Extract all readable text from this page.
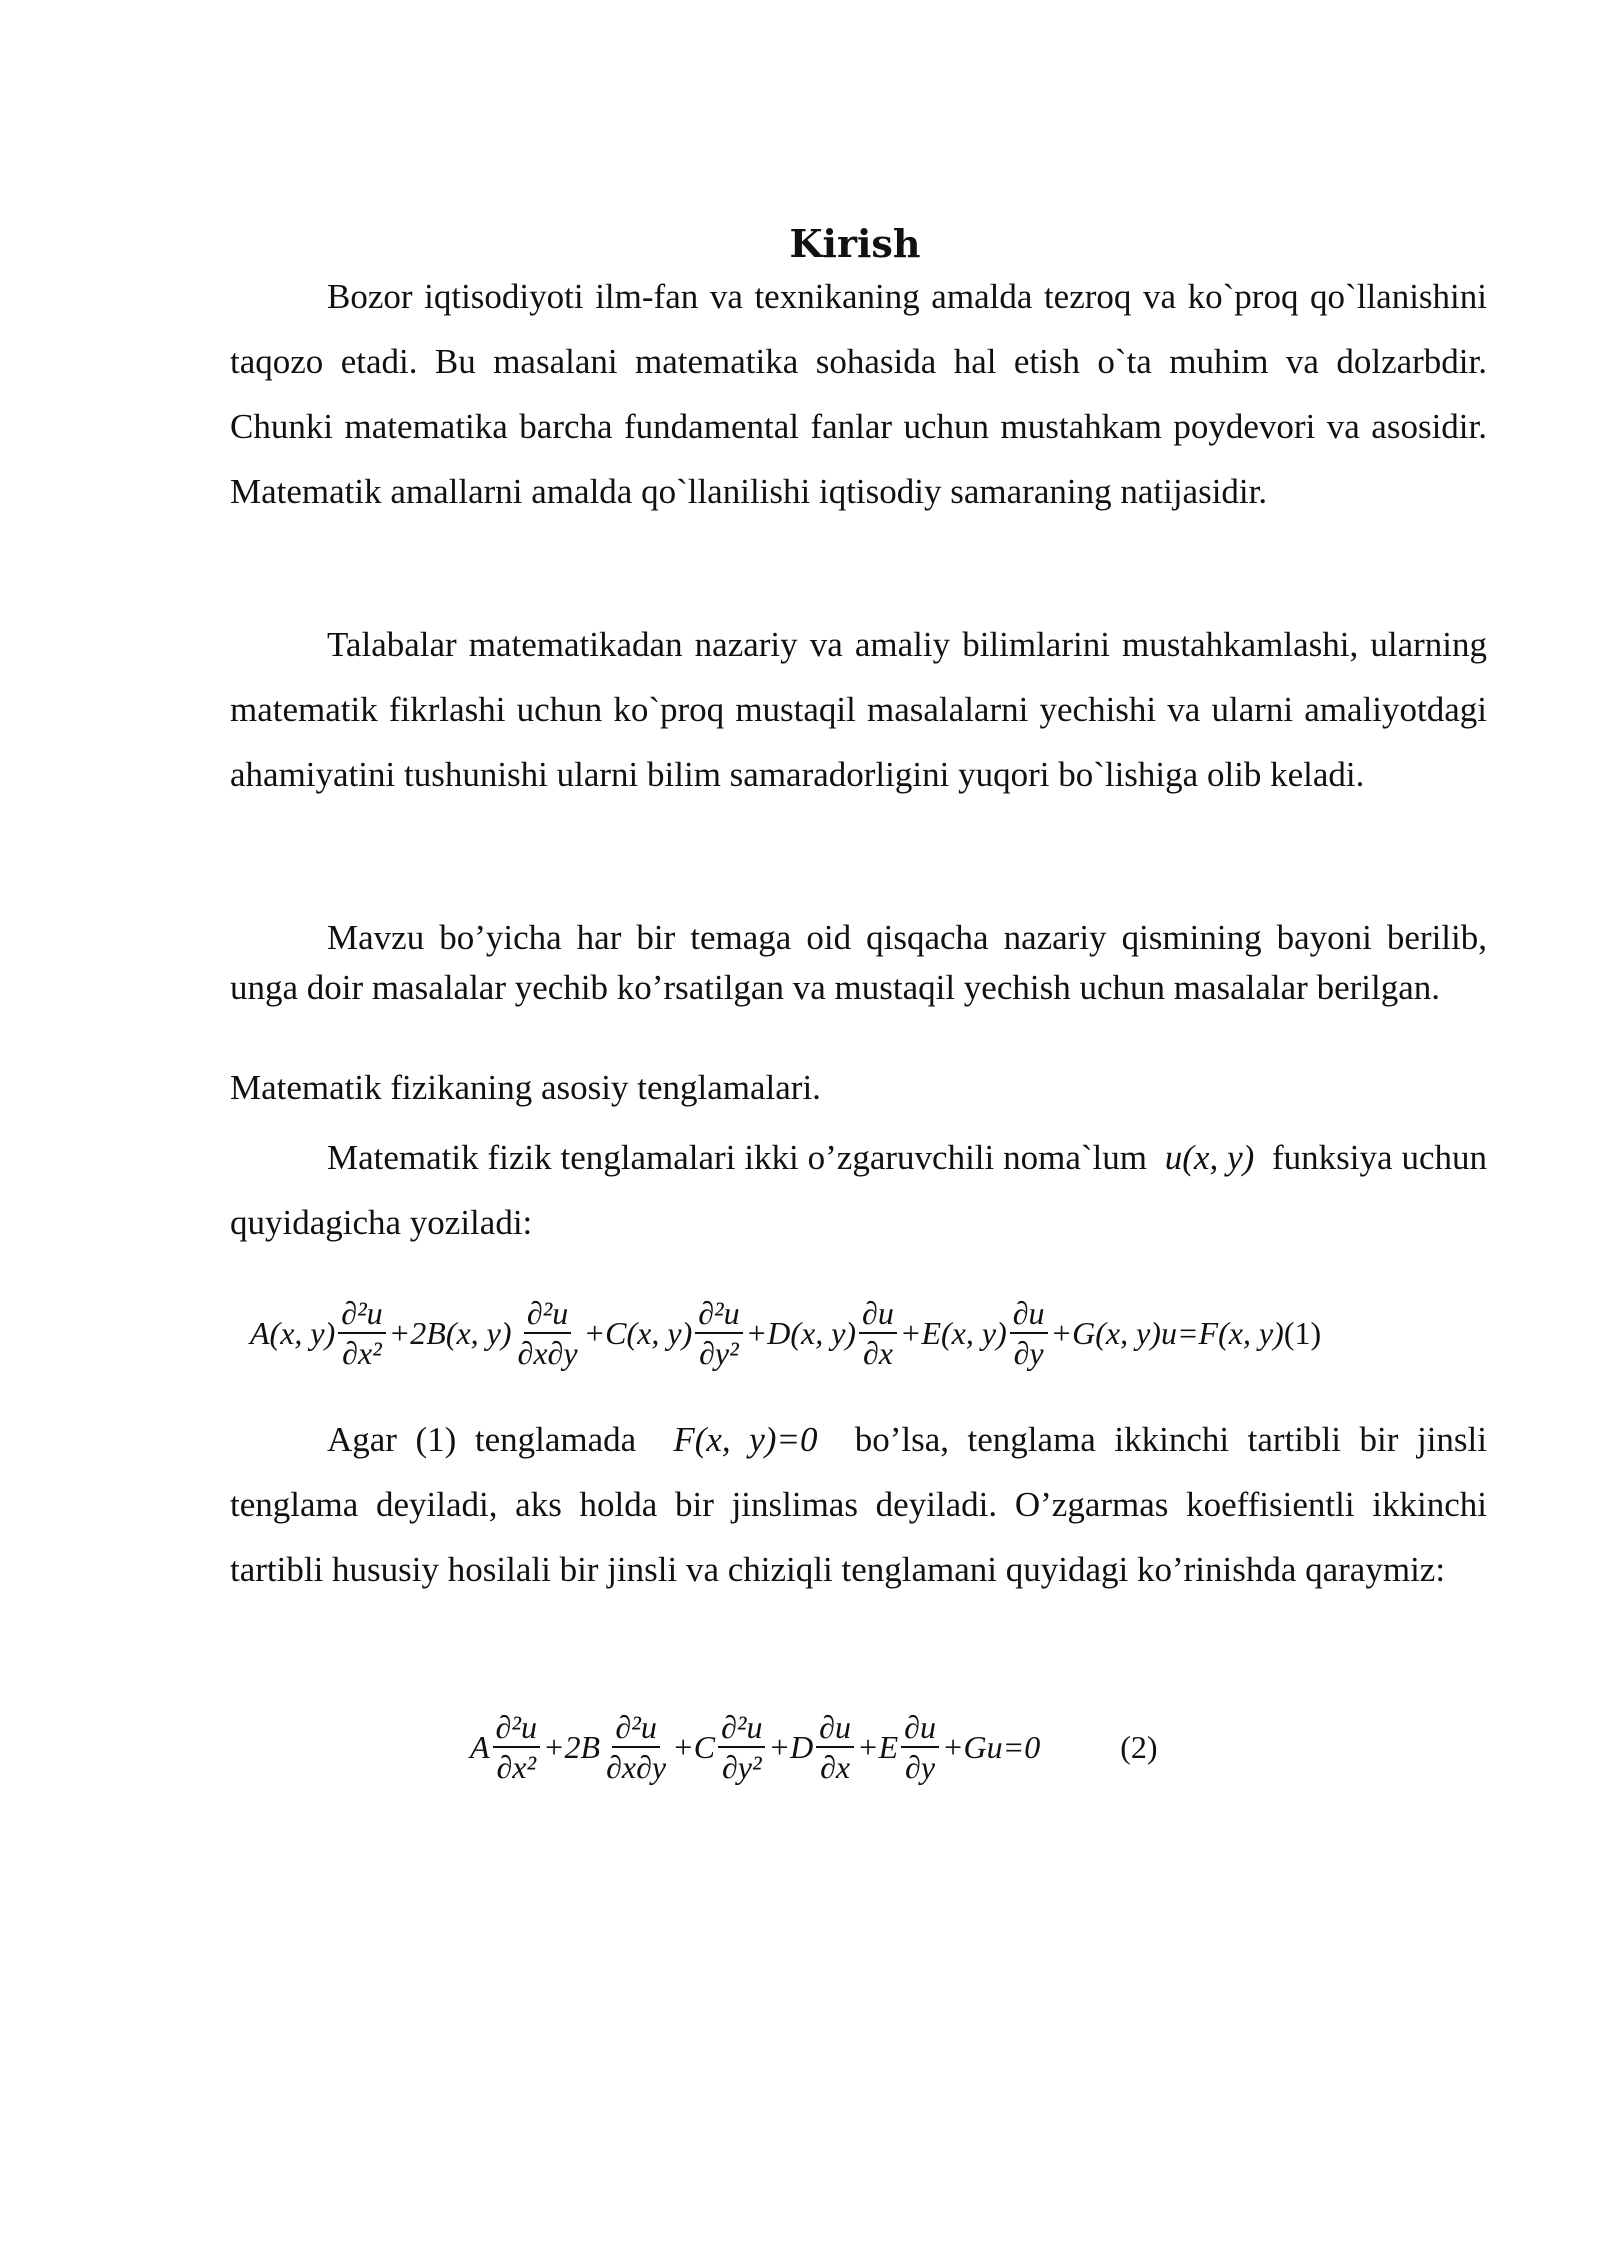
Kirish

Bozor iqtisodiyoti ilm-fan va texnikaning amalda tezroq va ko`proq qo`llanishini taqozo etadi. Bu masalani matematika sohasida hal etish o`ta muhim va dolzarbdir. Chunki matematika barcha fundamental fanlar uchun mustahkam poydevori va asosidir. Matematik amallarni amalda qo`llanilishi iqtisodiy samaraning natijasidir.

Talabalar matematikadan nazariy va amaliy bilimlarini mustahkamlashi, ularning matematik fikrlashi uchun ko`proq mustaqil masalalarni yechishi va ularni amaliyotdagi ahamiyatini tushunishi ularni bilim samaradorligini yuqori bo`lishiga olib keladi.

Mavzu bo’yicha har bir temaga oid qisqacha nazariy qismining bayoni berilib, unga doir masalalar yechib ko’rsatilgan va mustaqil yechish uchun masalalar berilgan.

Matematik fizikaning asosiy tenglamalari.

Matematik fizik tenglamalari ikki o’zgaruvchili noma`lum u(x, y) funksiya uchun quyidagicha yoziladi:

A(x, $y) \frac{\text{∂²u}}{\text{∂x²}} +2B(x$, $y) \frac{\text{∂²u}}{\partial x\partial y} +C(x$, $y) \frac{\text{∂²u}}{\text{∂y²}} +D(x$, $y) \frac{\partial u}{\partial x} +E(x$, $y) \frac{\partial u}{\partial y} +G(x$, y)u=F(x, y) (1)

Agar (1) tenglamada F(x, y)=0 bo’lsa, tenglama ikkinchi tartibli bir jinsli tenglama deyiladi, aks holda bir jinslimas deyiladi. O’zgarmas koeffisientli ikkinchi tartibli hususiy hosilali bir jinsli va chiziqli tenglamani quyidagi ko’rinishda qaraymiz:

A $\frac{\text{∂²u}}{\text{∂x²}} +2B \frac{\text{∂²u}}{\partial x\partial y} +C \frac{\text{∂²u}}{\text{∂y²}} +D \frac{\partial u}{\partial x} +E \frac{\partial u}{\partial y} +Gu=0$	(2)
